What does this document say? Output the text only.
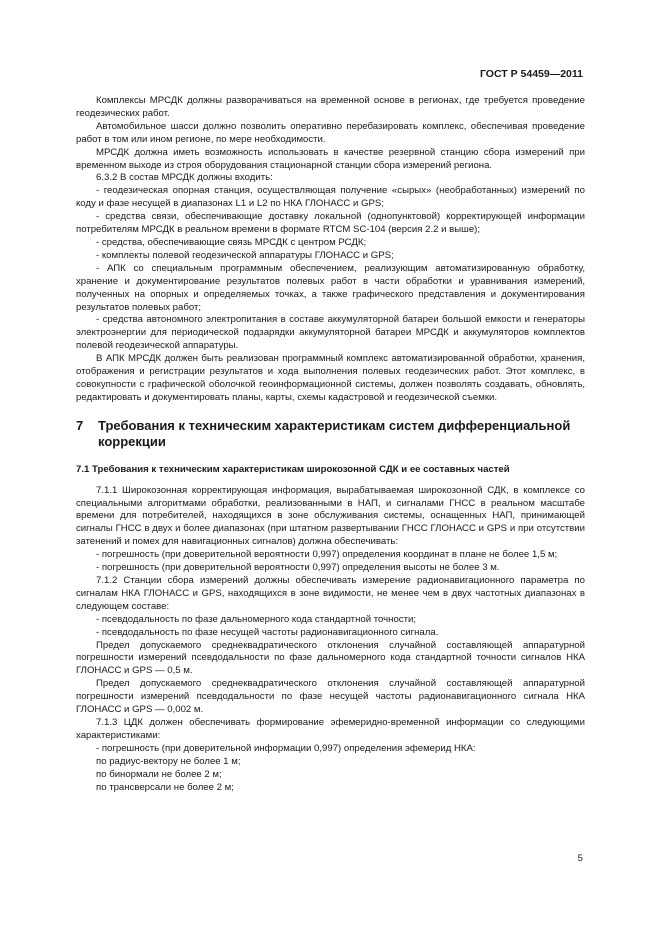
ГОСТ Р 54459—2011

Комплексы МРСДК должны разворачиваться на временной основе в регионах, где требуется проведение геодезических работ.

Автомобильное шасси должно позволить оперативно перебазировать комплекс, обеспечивая проведение работ в том или ином регионе, по мере необходимости.

МРСДК должна иметь возможность использовать в качестве резервной станцию сбора измерений при временном выходе из строя оборудования стационарной станции сбора измерений региона.

6.3.2 В состав МРСДК должны входить:

- геодезическая опорная станция, осуществляющая получение «сырых» (необработанных) измерений по коду и фазе несущей в диапазонах L1 и L2 по НКА ГЛОНАСС и GPS;

- средства связи, обеспечивающие доставку локальной (однопунктовой) корректирующей информации потребителям МРСДК в реальном времени в формате RTCM SC-104 (версия 2.2 и выше);

- средства, обеспечивающие связь МРСДК с центром РСДК;

- комплекты полевой геодезической аппаратуры ГЛОНАСС и GPS;

- АПК со специальным программным обеспечением, реализующим автоматизированную обработку, хранение и документирование результатов полевых работ в части обработки и уравнивания измерений, полученных на опорных и определяемых точках, а также графического представления и документирования результатов полевых работ;

- средства автономного электропитания в составе аккумуляторной батареи большой емкости и генераторы электроэнергии для периодической подзарядки аккумуляторной батареи МРСДК и аккумуляторов комплектов полевой геодезической аппаратуры.

В АПК МРСДК должен быть реализован программный комплекс автоматизированной обработки, хранения, отображения и регистрации результатов и хода выполнения полевых геодезических работ. Этот комплекс, в совокупности с графической оболочкой геоинформационной системы, должен позволять создавать, обновлять, редактировать и документировать планы, карты, схемы кадастровой и геодезической съемки.

7	Требования к техническим характеристикам систем дифференциальной коррекции
7.1 Требования к техническим характеристикам широкозонной СДК и ее составных частей

7.1.1 Широкозонная корректирующая информация, вырабатываемая широкозонной СДК, в комплексе со специальными алгоритмами обработки, реализованными в НАП, и сигналами ГНСС в реальном масштабе времени для потребителей, находящихся в зоне обслуживания системы, оснащенных НАП, принимающей сигналы ГНСС в двух и более диапазонах (при штатном развертывании ГНСС ГЛОНАСС и GPS и при отсутствии затенений и помех для навигационных сигналов) должна обеспечивать:

- погрешность (при доверительной вероятности 0,997) определения координат в плане не более 1,5 м;

- погрешность (при доверительной вероятности 0,997) определения высоты не более 3 м.

7.1.2 Станции сбора измерений должны обеспечивать измерение радионавигационного параметра по сигналам НКА ГЛОНАСС и GPS, находящихся в зоне видимости, не менее чем в двух частотных диапазонах в следующем составе:

- псевдодальность по фазе дальномерного кода стандартной точности;

- псевдодальность по фазе несущей частоты радионавигационного сигнала.

Предел допускаемого среднеквадратического отклонения случайной составляющей аппаратурной погрешности измерений псевдодальности по фазе дальномерного кода стандартной точности сигналов НКА ГЛОНАСС и GPS — 0,5 м.

Предел допускаемого среднеквадратического отклонения случайной составляющей аппаратурной погрешности измерений псевдодальности по фазе несущей частоты радионавигационного сигнала НКА ГЛОНАСС и GPS — 0,002 м.

7.1.3 ЦДК должен обеспечивать формирование эфемеридно-временной информации со следующими характеристиками:

- погрешность (при доверительной информации 0,997) определения эфемерид НКА:

по радиус-вектору не более 1 м;

по бинормали не более 2 м;

по трансверсали не более 2 м;

5
